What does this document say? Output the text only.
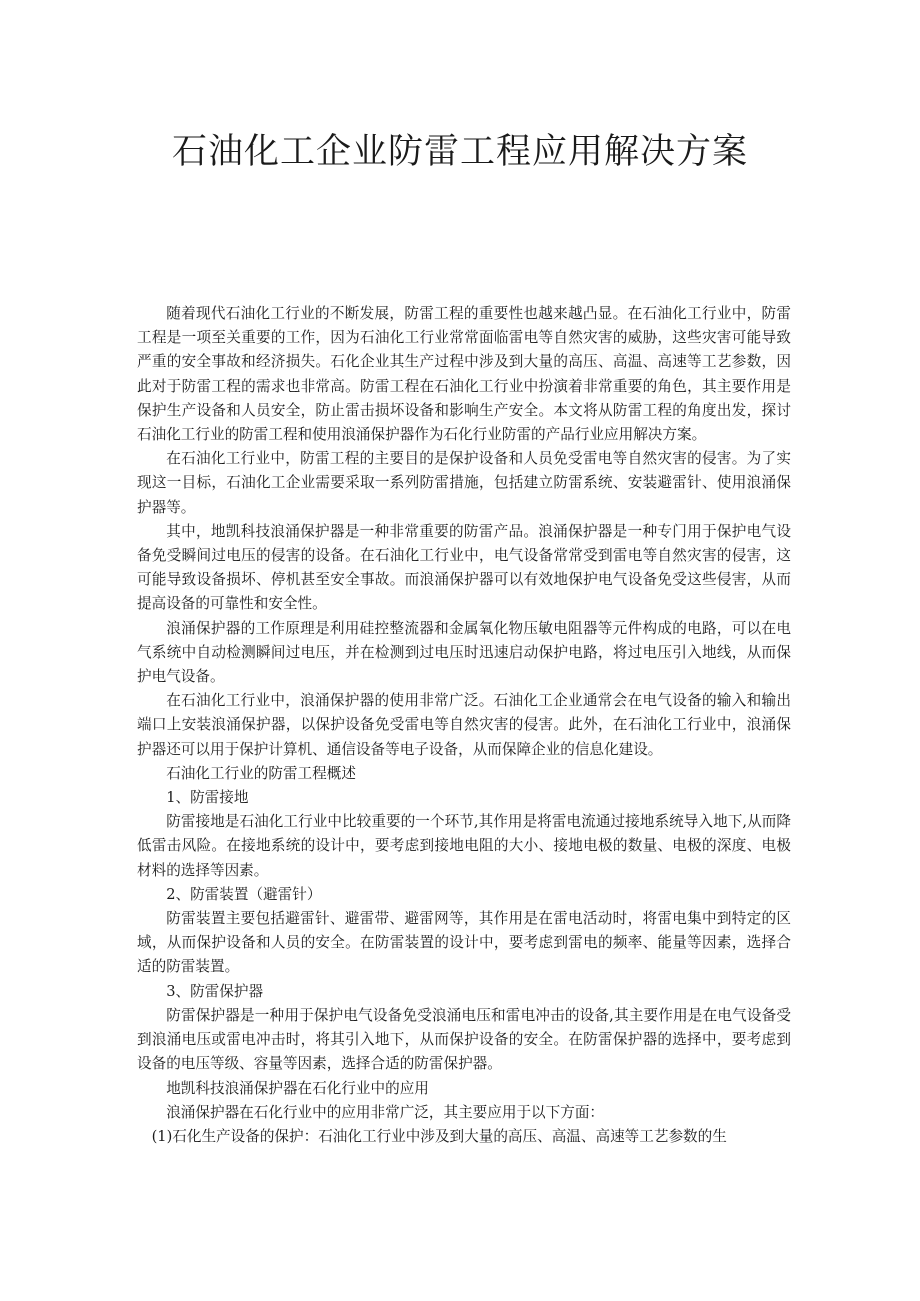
石油化工企业防雷工程应用解决方案

随着现代石油化工行业的不断发展，防雷工程的重要性也越来越凸显。在石油化工行业中，防雷工程是一项至关重要的工作，因为石油化工行业常常面临雷电等自然灾害的威胁，这些灾害可能导致严重的安全事故和经济损失。石化企业其生产过程中涉及到大量的高压、高温、高速等工艺参数，因此对于防雷工程的需求也非常高。防雷工程在石油化工行业中扮演着非常重要的角色，其主要作用是保护生产设备和人员安全，防止雷击损坏设备和影响生产安全。本文将从防雷工程的角度出发，探讨石油化工行业的防雷工程和使用浪涌保护器作为石化行业防雷的产品行业应用解决方案。

在石油化工行业中，防雷工程的主要目的是保护设备和人员免受雷电等自然灾害的侵害。为了实现这一目标，石油化工企业需要采取一系列防雷措施，包括建立防雷系统、安装避雷针、使用浪涌保护器等。

其中，地凯科技浪涌保护器是一种非常重要的防雷产品。浪涌保护器是一种专门用于保护电气设备免受瞬间过电压的侵害的设备。在石油化工行业中，电气设备常常受到雷电等自然灾害的侵害，这可能导致设备损坏、停机甚至安全事故。而浪涌保护器可以有效地保护电气设备免受这些侵害，从而提高设备的可靠性和安全性。

浪涌保护器的工作原理是利用硅控整流器和金属氧化物压敏电阻器等元件构成的电路，可以在电气系统中自动检测瞬间过电压，并在检测到过电压时迅速启动保护电路，将过电压引入地线，从而保护电气设备。

在石油化工行业中，浪涌保护器的使用非常广泛。石油化工企业通常会在电气设备的输入和输出端口上安装浪涌保护器，以保护设备免受雷电等自然灾害的侵害。此外，在石油化工行业中，浪涌保护器还可以用于保护计算机、通信设备等电子设备，从而保障企业的信息化建设。

石油化工行业的防雷工程概述

1、防雷接地

防雷接地是石油化工行业中比较重要的一个环节,其作用是将雷电流通过接地系统导入地下,从而降低雷击风险。在接地系统的设计中，要考虑到接地电阻的大小、接地电极的数量、电极的深度、电极材料的选择等因素。

2、防雷装置（避雷针）

防雷装置主要包括避雷针、避雷带、避雷网等，其作用是在雷电活动时，将雷电集中到特定的区域，从而保护设备和人员的安全。在防雷装置的设计中，要考虑到雷电的频率、能量等因素，选择合适的防雷装置。

3、防雷保护器

防雷保护器是一种用于保护电气设备免受浪涌电压和雷电冲击的设备,其主要作用是在电气设备受到浪涌电压或雷电冲击时，将其引入地下，从而保护设备的安全。在防雷保护器的选择中，要考虑到设备的电压等级、容量等因素，选择合适的防雷保护器。

地凯科技浪涌保护器在石化行业中的应用

浪涌保护器在石化行业中的应用非常广泛，其主要应用于以下方面：

(1)石化生产设备的保护：石油化工行业中涉及到大量的高压、高温、高速等工艺参数的生
